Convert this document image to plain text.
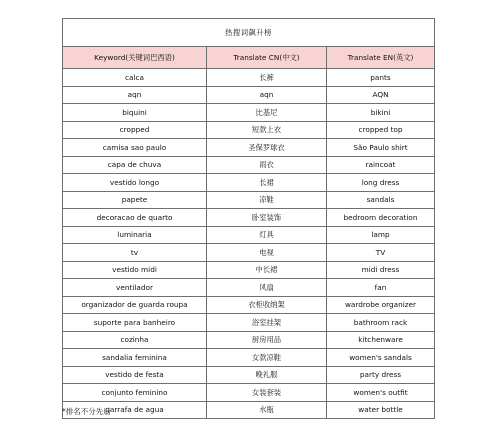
热搜词飙升榜		
Keyword(关键词巴西语)	Translate CN(中文)	Translate EN(英文)
calca	长裤	pants
aqn	aqn	AQN
biquini	比基尼	bikini
cropped	短款上衣	cropped top
camisa sao paulo	圣保罗球衣	São Paulo shirt
capa de chuva	雨衣	raincoat
vestido longo	长裙	long dress
papete	凉鞋	sandals
decoracao de quarto	卧室装饰	bedroom decoration
luminaria	灯具	lamp
tv	电视	TV
vestido midi	中长裙	midi dress
ventilador	风扇	fan
organizador de guarda roupa	衣柜收纳架	wardrobe organizer
suporte para banheiro	浴室挂架	bathroom rack
cozinha	厨房用品	kitchenware
sandalia feminina	女款凉鞋	women's sandals
vestido de festa	晚礼服	party dress
conjunto feminino	女装套装	women's outfit
garrafa de agua	水瓶	water bottle
*排名不分先后
